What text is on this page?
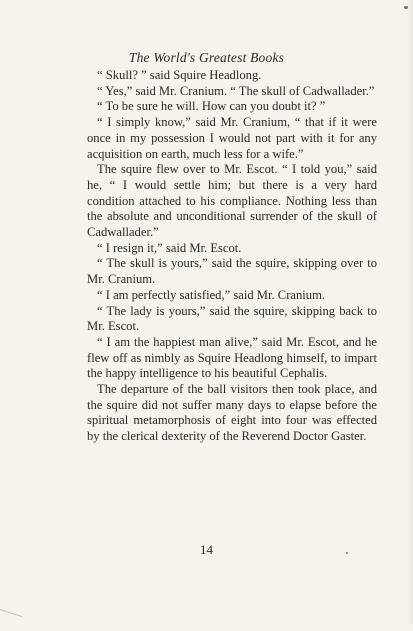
The World's Greatest Books

“ Skull? ” said Squire Headlong.

“ Yes,” said Mr. Cranium. “ The skull of Cadwallader.”

“ To be sure he will. How can you doubt it? ”

“ I simply know,” said Mr. Cranium, “ that if it were once in my possession I would not part with it for any acquisition on earth, much less for a wife.”

The squire flew over to Mr. Escot. “ I told you,” said he, “ I would settle him; but there is a very hard condition attached to his compliance. Nothing less than the absolute and unconditional surrender of the skull of Cadwallader.”

“ I resign it,” said Mr. Escot.

“ The skull is yours,” said the squire, skipping over to Mr. Cranium.

“ I am perfectly satisfied,” said Mr. Cranium.

“ The lady is yours,” said the squire, skipping back to Mr. Escot.

“ I am the happiest man alive,” said Mr. Escot, and he flew off as nimbly as Squire Headlong himself, to impart the happy intelligence to his beautiful Cephalis.

The departure of the ball visitors then took place, and the squire did not suffer many days to elapse before the spiritual metamorphosis of eight into four was effected by the clerical dexterity of the Reverend Doctor Gaster.

14
